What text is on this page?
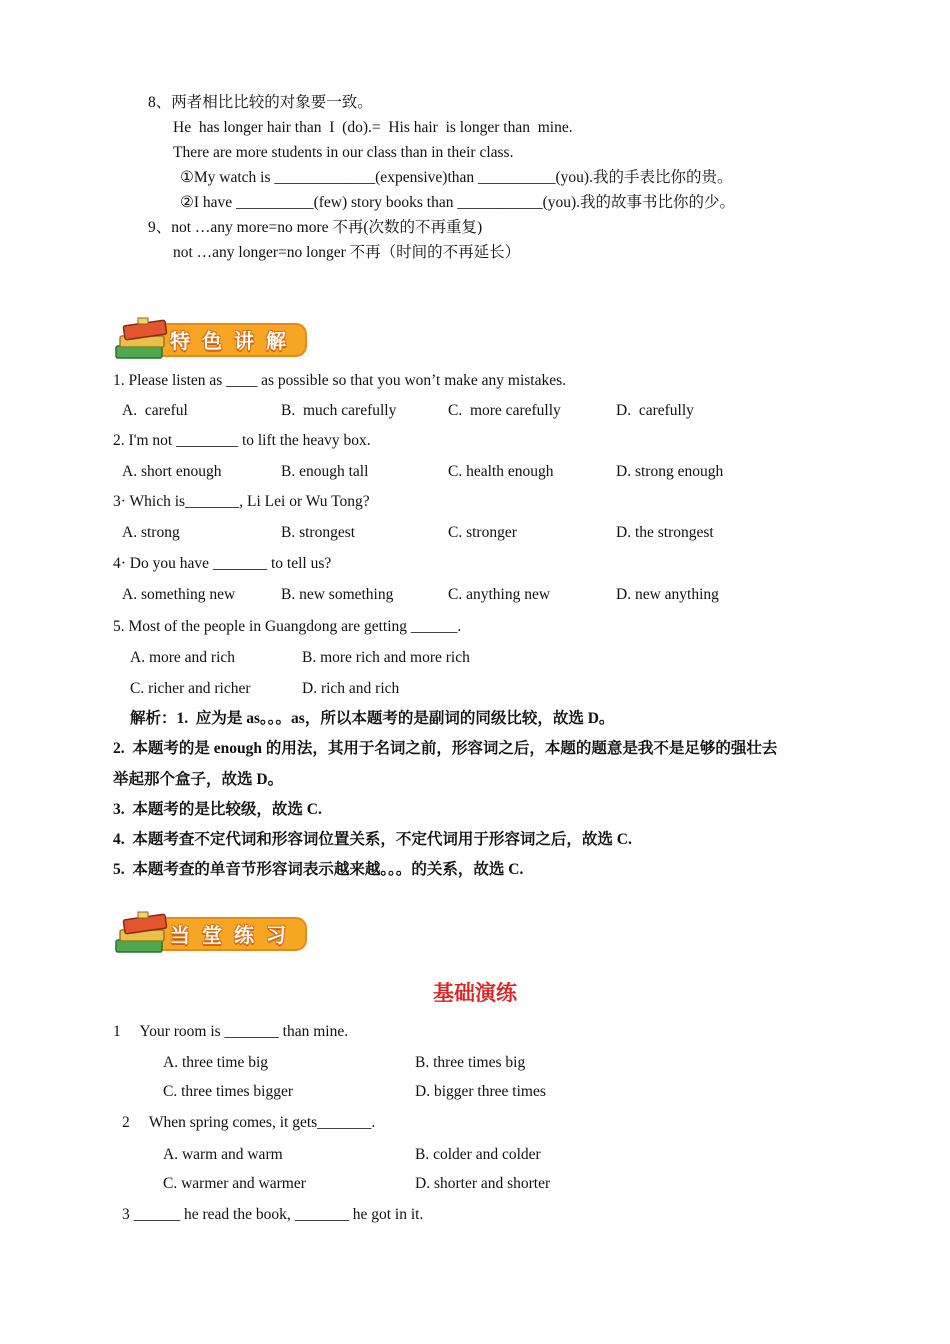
8、两者相比比较的对象要一致。
He  has longer hair than  I  (do).=  His hair  is longer than  mine.
There are more students in our class than in their class.
①My watch is _____________(expensive)than __________(you).我的手表比你的贵。
②I have __________(few) story books than ___________(you).我的故事书比你的少。
9、not …any more=no more 不再(次数的不再重复)
not …any longer=no longer 不再（时间的不再延长）
特色讲解
1. Please listen as ____ as possible so that you won’t make any mistakes.
A.  careful	B.  much carefully	C.  more carefully	D.  carefully
2. I'm not ________ to lift the heavy box.
A. short enough	B. enough tall	C. health enough	D. strong enough
3· Which is_______, Li Lei or Wu Tong?
A. strong	B. strongest	C. stronger	D. the strongest
4· Do you have _______ to tell us?
A. something new	B. new something	C. anything new	D. new anything
5. Most of the people in Guangdong are getting ______.
A. more and rich	B. more rich and more rich
C. richer and richer	D. rich and rich
解析：1.  应为是 as。。。as，所以本题考的是副词的同级比较，故选 D。
2.  本题考的是 enough 的用法，其用于名词之前，形容词之后，本题的题意是我不是足够的强壮去
举起那个盒子，故选 D。
3.  本题考的是比较级，故选 C.
4.  本题考查不定代词和形容词位置关系，不定代词用于形容词之后，故选 C.
5.  本题考查的单音节形容词表示越来越。。。的关系，故选 C.
当堂练习
基础演练
1     Your room is _______ than mine.
A. three time big	B. three times big
C. three times bigger	D. bigger three times
2     When spring comes, it gets_______.
A. warm and warm	B. colder and colder
C. warmer and warmer	D. shorter and shorter
3 ______ he read the book, _______ he got in it.
